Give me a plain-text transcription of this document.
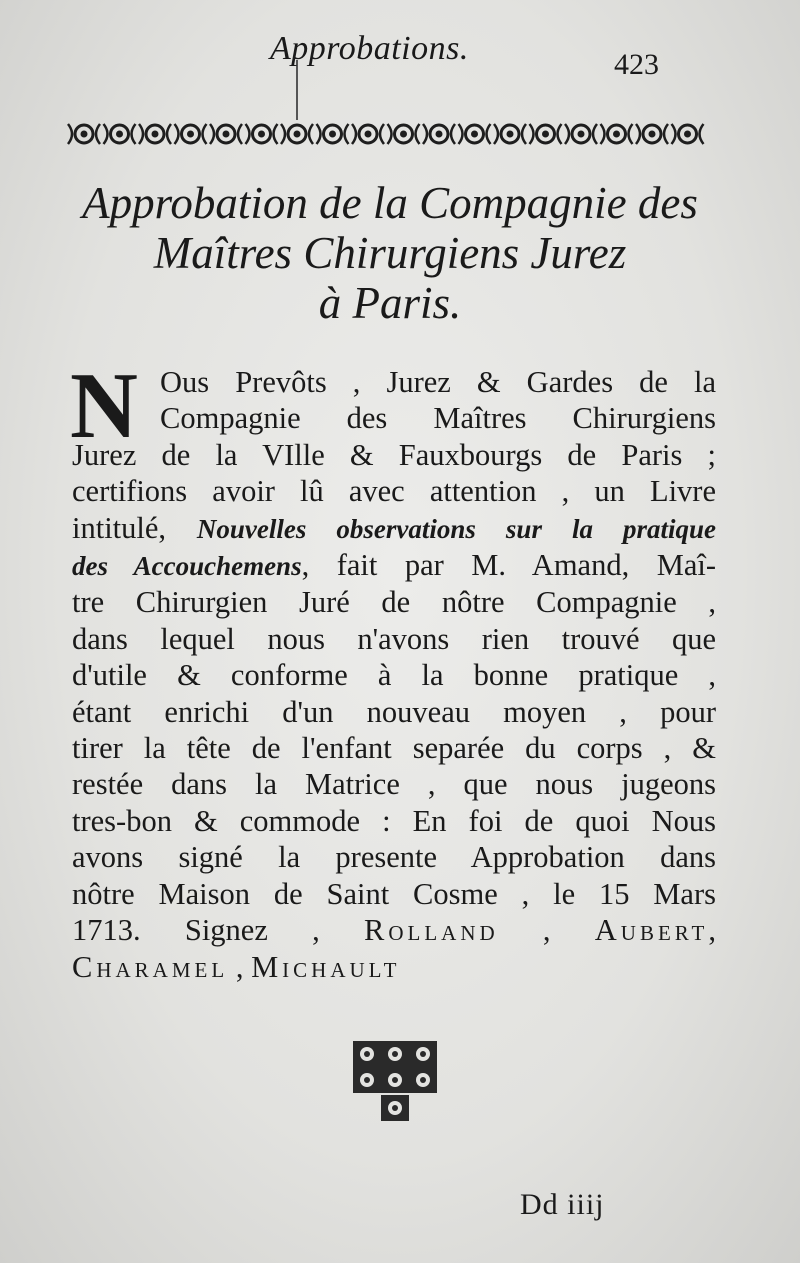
Approbations.	423
Approbation de la Compagnie des
Maîtres Chirurgiens Jurez
à Paris.
N Ous Prevôts , Jurez & Gardes de la
Compagnie des Maîtres Chirurgiens
Jurez de la VIlle & Fauxbourgs de Paris ;
certifions avoir lû avec attention , un Livre
intitulé, Nouvelles observations sur la pratique
des Accouchemens, fait par M. Amand, Maî-
tre Chirurgien Juré de nôtre Compagnie ,
dans lequel nous n'avons rien trouvé que
d'utile & conforme à la bonne pratique ,
étant enrichi d'un nouveau moyen , pour
tirer la tête de l'enfant separée du corps , &
restée dans la Matrice , que nous jugeons
tres-bon & commode : En foi de quoi Nous
avons signé la presente Approbation dans
nôtre Maison de Saint Cosme , le 15 Mars
1713. Signez , Rolland , Aubert,
Charamel , Michault
Dd iiij
